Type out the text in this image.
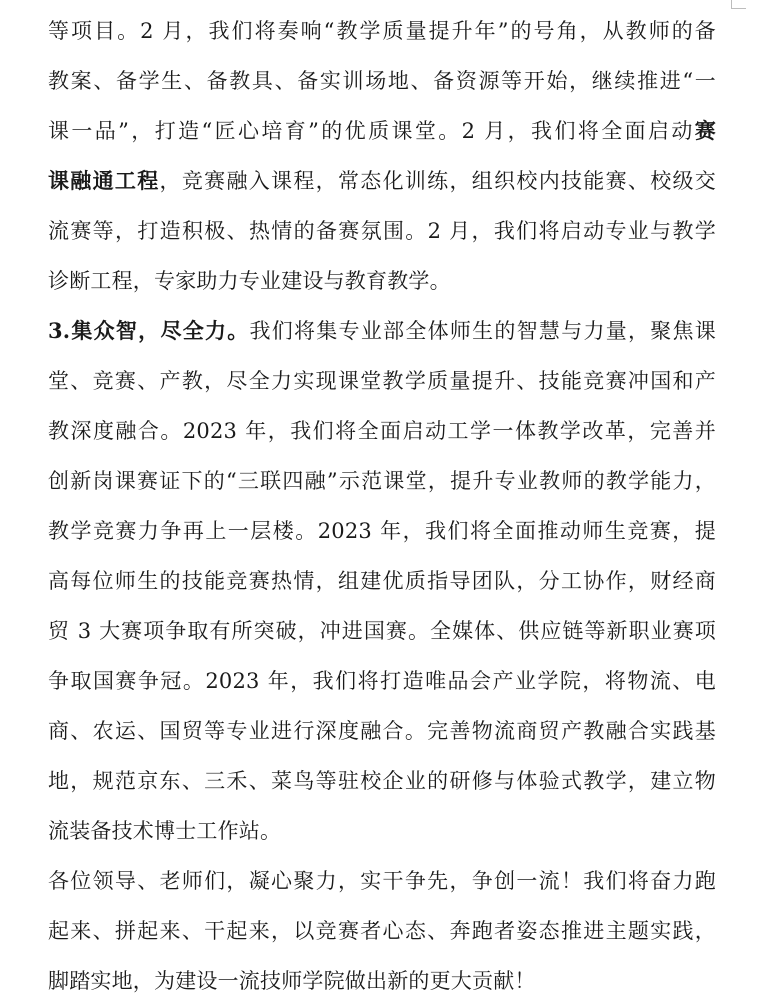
等项目。2 月，我们将奏响“教学质量提升年”的号角，从教师的备
教案、备学生、备教具、备实训场地、备资源等开始，继续推进“一
课一品”，打造“匠心培育”的优质课堂。2 月，我们将全面启动赛
课融通工程，竞赛融入课程，常态化训练，组织校内技能赛、校级交
流赛等，打造积极、热情的备赛氛围。2 月，我们将启动专业与教学
诊断工程，专家助力专业建设与教育教学。
3.集众智，尽全力。我们将集专业部全体师生的智慧与力量，聚焦课
堂、竞赛、产教，尽全力实现课堂教学质量提升、技能竞赛冲国和产
教深度融合。2023 年，我们将全面启动工学一体教学改革，完善并
创新岗课赛证下的“三联四融”示范课堂，提升专业教师的教学能力，
教学竞赛力争再上一层楼。2023 年，我们将全面推动师生竞赛，提
高每位师生的技能竞赛热情，组建优质指导团队，分工协作，财经商
贸 3 大赛项争取有所突破，冲进国赛。全媒体、供应链等新职业赛项
争取国赛争冠。2023 年，我们将打造唯品会产业学院，将物流、电
商、农运、国贸等专业进行深度融合。完善物流商贸产教融合实践基
地，规范京东、三禾、菜鸟等驻校企业的研修与体验式教学，建立物
流装备技术博士工作站。
各位领导、老师们，凝心聚力，实干争先，争创一流！我们将奋力跑
起来、拼起来、干起来，以竞赛者心态、奔跑者姿态推进主题实践，
脚踏实地，为建设一流技师学院做出新的更大贡献！
